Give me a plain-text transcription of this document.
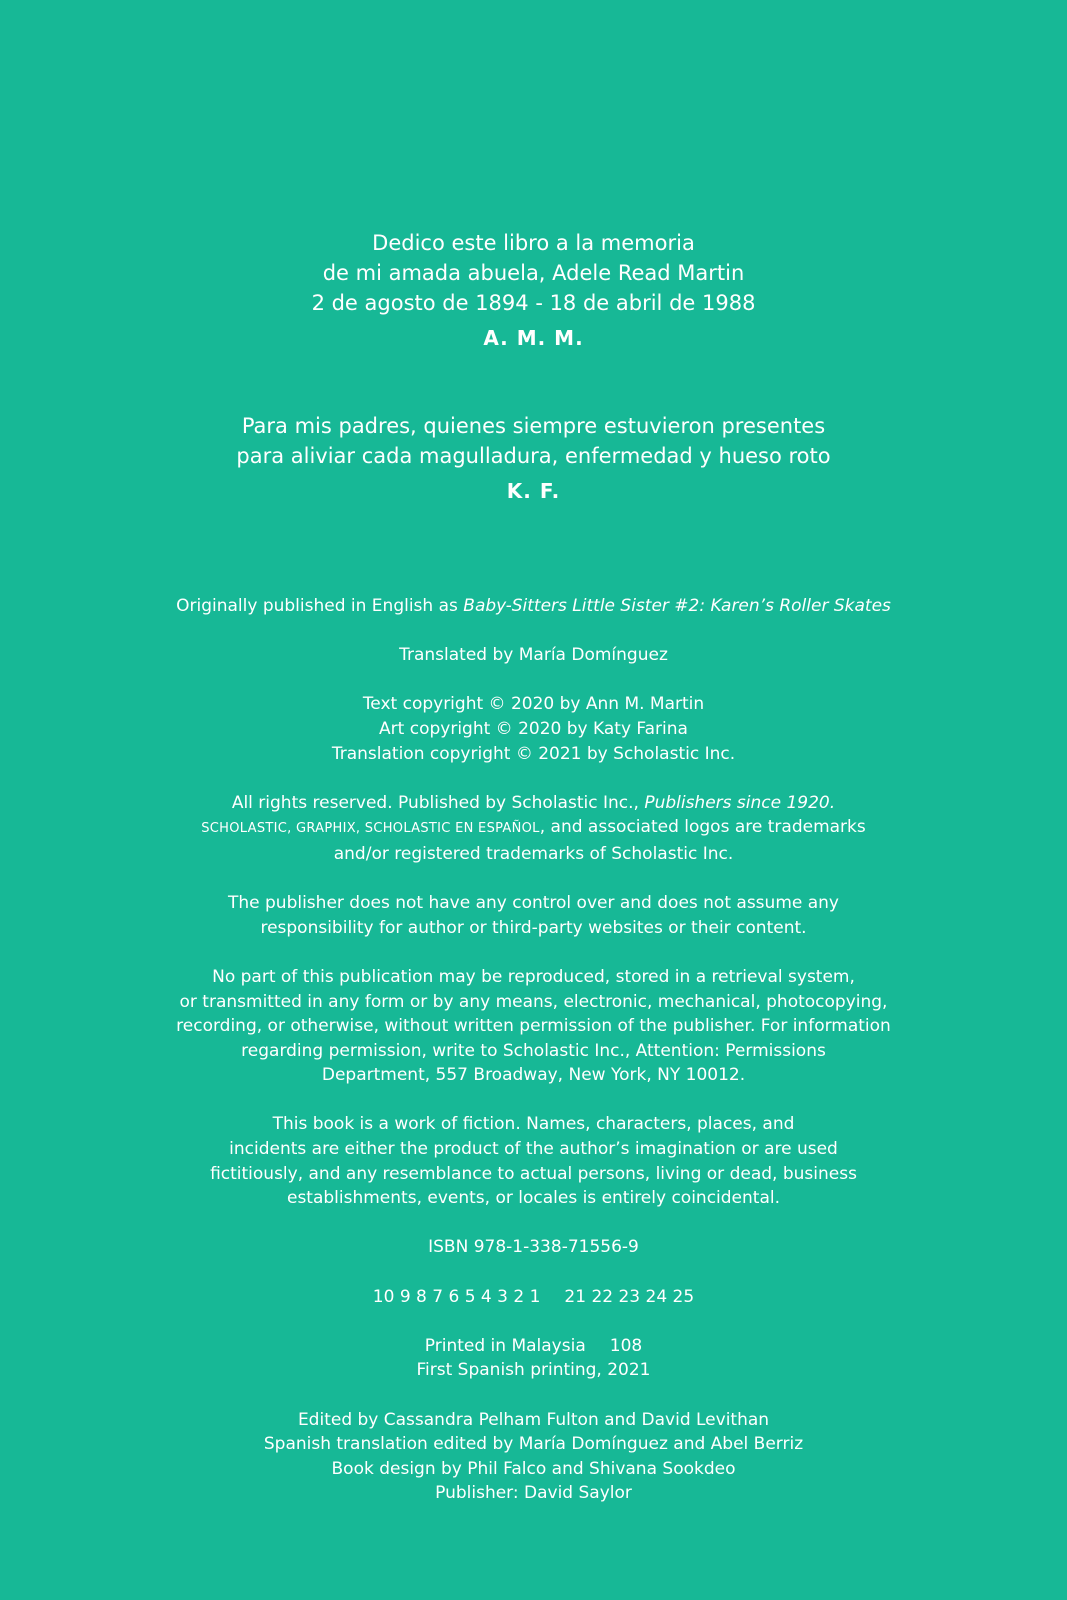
Dedico este libro a la memoria
de mi amada abuela, Adele Read Martin
2 de agosto de 1894 - 18 de abril de 1988
A. M. M.
Para mis padres, quienes siempre estuvieron presentes
para aliviar cada magulladura, enfermedad y hueso roto
K. F.

Originally published in English as Baby-Sitters Little Sister #2: Karen’s Roller Skates

Translated by María Domínguez

Text copyright © 2020 by Ann M. Martin
Art copyright © 2020 by Katy Farina
Translation copyright © 2021 by Scholastic Inc.

All rights reserved. Published by Scholastic Inc., Publishers since 1920.
SCHOLASTIC, GRAPHIX, SCHOLASTIC EN ESPAÑOL, and associated logos are trademarks
and/or registered trademarks of Scholastic Inc.

The publisher does not have any control over and does not assume any
responsibility for author or third-party websites or their content.

No part of this publication may be reproduced, stored in a retrieval system,
or transmitted in any form or by any means, electronic, mechanical, photocopying,
recording, or otherwise, without written permission of the publisher. For information
regarding permission, write to Scholastic Inc., Attention: Permissions
Department, 557 Broadway, New York, NY 10012.

This book is a work of fiction. Names, characters, places, and
incidents are either the product of the author’s imagination or are used
fictitiously, and any resemblance to actual persons, living or dead, business
establishments, events, or locales is entirely coincidental.

ISBN 978-1-338-71556-9

10 9 8 7 6 5 4 3 2 1 21 22 23 24 25

Printed in Malaysia 108
First Spanish printing, 2021

Edited by Cassandra Pelham Fulton and David Levithan
Spanish translation edited by María Domínguez and Abel Berriz
Book design by Phil Falco and Shivana Sookdeo
Publisher: David Saylor
